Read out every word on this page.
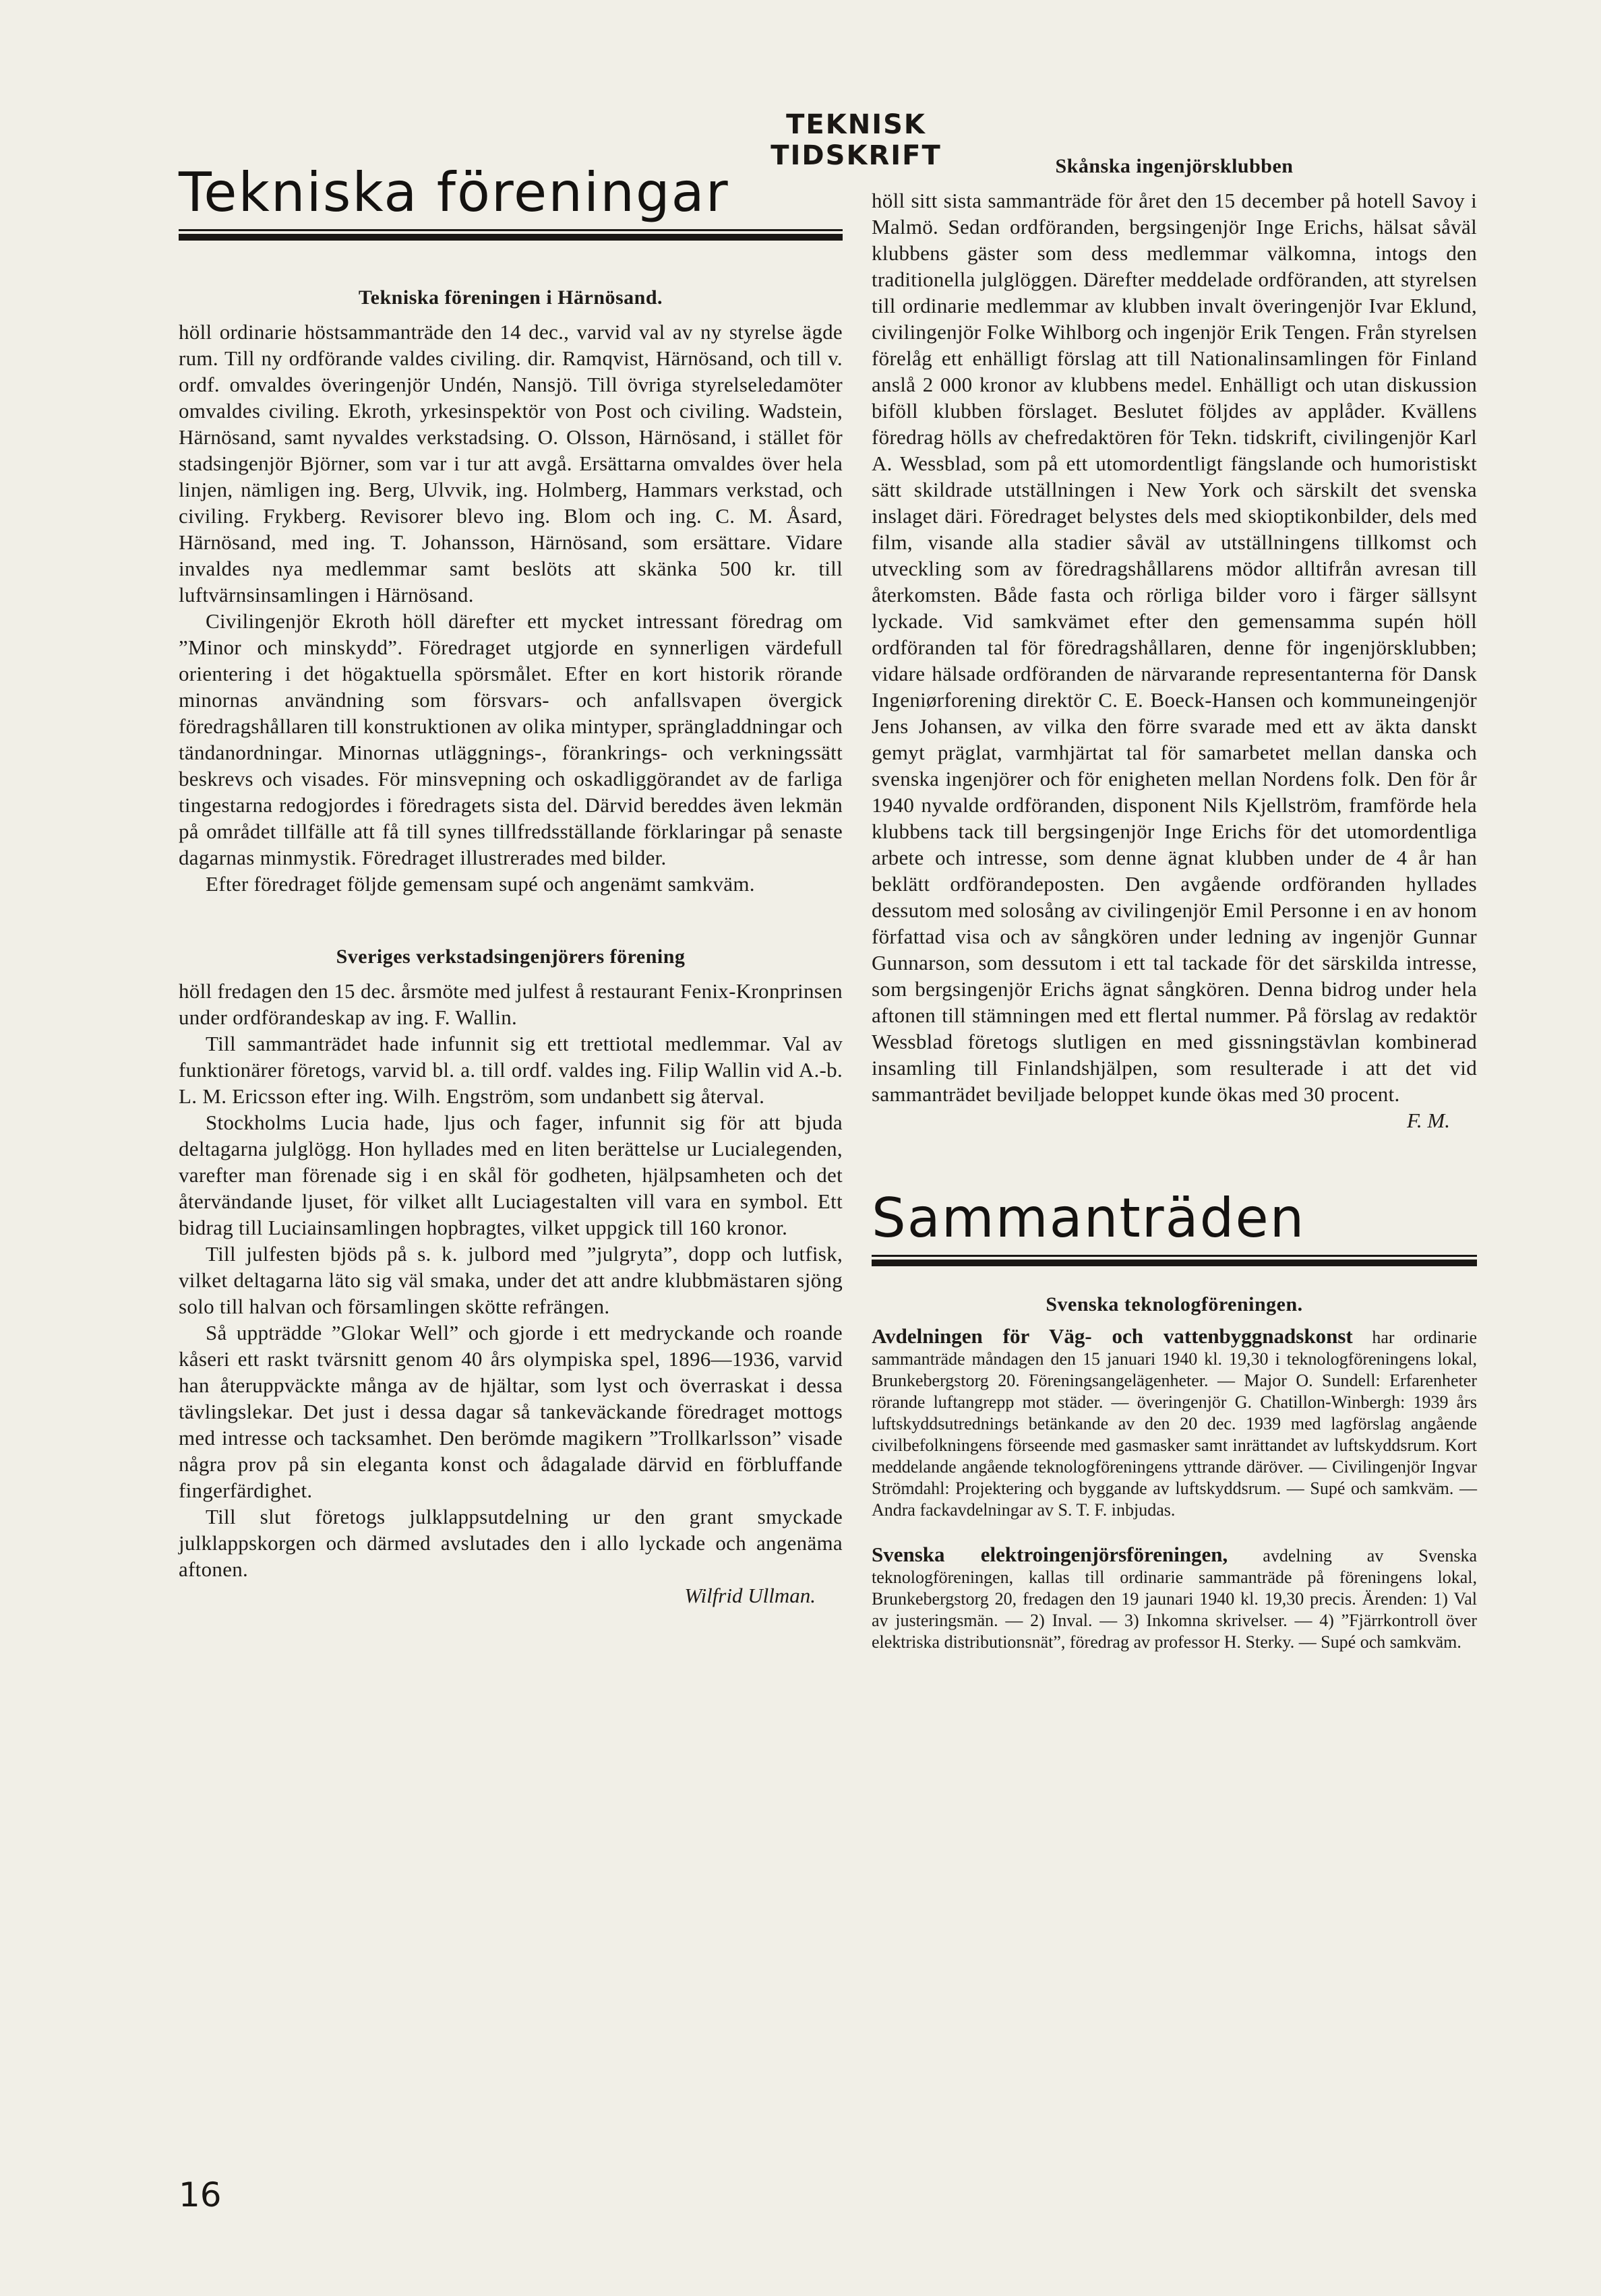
TEKNISK TIDSKRIFT
Tekniska föreningar
Tekniska föreningen i Härnösand.

höll ordinarie höstsammanträde den 14 dec., varvid val av ny styrelse ägde rum. Till ny ordförande valdes civiling. dir. Ramqvist, Härnösand, och till v. ordf. omvaldes överingenjör Undén, Nansjö. Till övriga styrelseledamöter omvaldes civiling. Ekroth, yrkesinspektör von Post och civiling. Wadstein, Härnösand, samt nyvaldes verkstadsing. O. Olsson, Härnösand, i stället för stadsingenjör Björner, som var i tur att avgå. Ersättarna omvaldes över hela linjen, nämligen ing. Berg, Ulvvik, ing. Holmberg, Hammars verkstad, och civiling. Frykberg. Revisorer blevo ing. Blom och ing. C. M. Åsard, Härnösand, med ing. T. Johansson, Härnösand, som ersättare. Vidare invaldes nya medlemmar samt beslöts att skänka 500 kr. till luftvärnsinsamlingen i Härnösand.

Civilingenjör Ekroth höll därefter ett mycket intressant föredrag om ”Minor och minskydd”. Föredraget utgjorde en synnerligen värdefull orientering i det högaktuella spörsmålet. Efter en kort historik rörande minornas användning som försvars- och anfallsvapen övergick föredragshållaren till konstruktionen av olika mintyper, sprängladdningar och tändanordningar. Minornas utläggnings-, förankrings- och verkningssätt beskrevs och visades. För minsvepning och oskadliggörandet av de farliga tingestarna redogjordes i föredragets sista del. Därvid bereddes även lekmän på området tillfälle att få till synes tillfredsställande förklaringar på senaste dagarnas minmystik. Föredraget illustrerades med bilder.

Efter föredraget följde gemensam supé och angenämt samkväm.

Sveriges verkstadsingenjörers förening

höll fredagen den 15 dec. årsmöte med julfest å restaurant Fenix-Kronprinsen under ordförandeskap av ing. F. Wallin.

Till sammanträdet hade infunnit sig ett trettiotal medlemmar. Val av funktionärer företogs, varvid bl. a. till ordf. valdes ing. Filip Wallin vid A.-b. L. M. Ericsson efter ing. Wilh. Engström, som undanbett sig återval.

Stockholms Lucia hade, ljus och fager, infunnit sig för att bjuda deltagarna julglögg. Hon hyllades med en liten berättelse ur Lucialegenden, varefter man förenade sig i en skål för godheten, hjälpsamheten och det återvändande ljuset, för vilket allt Luciagestalten vill vara en symbol. Ett bidrag till Luciainsamlingen hopbragtes, vilket uppgick till 160 kronor.

Till julfesten bjöds på s. k. julbord med ”julgryta”, dopp och lutfisk, vilket deltagarna läto sig väl smaka, under det att andre klubbmästaren sjöng solo till halvan och församlingen skötte refrängen.

Så uppträdde ”Glokar Well” och gjorde i ett medryckande och roande kåseri ett raskt tvärsnitt genom 40 års olympiska spel, 1896—1936, varvid han återuppväckte många av de hjältar, som lyst och överraskat i dessa tävlingslekar. Det just i dessa dagar så tankeväckande föredraget mottogs med intresse och tacksamhet. Den berömde magikern ”Trollkarlsson” visade några prov på sin eleganta konst och ådagalade därvid en förbluffande fingerfärdighet.

Till slut företogs julklappsutdelning ur den grant smyckade julklappskorgen och därmed avslutades den i allo lyckade och angenäma aftonen.

Wilfrid Ullman.

Skånska ingenjörsklubben

höll sitt sista sammanträde för året den 15 december på hotell Savoy i Malmö. Sedan ordföranden, bergsingenjör Inge Erichs, hälsat såväl klubbens gäster som dess medlemmar välkomna, intogs den traditionella julglöggen. Därefter meddelade ordföranden, att styrelsen till ordinarie medlemmar av klubben invalt överingenjör Ivar Eklund, civilingenjör Folke Wihlborg och ingenjör Erik Tengen. Från styrelsen förelåg ett enhälligt förslag att till Nationalinsamlingen för Finland anslå 2 000 kronor av klubbens medel. Enhälligt och utan diskussion biföll klubben förslaget. Beslutet följdes av applåder. Kvällens föredrag hölls av chefredaktören för Tekn. tidskrift, civilingenjör Karl A. Wessblad, som på ett utomordentligt fängslande och humoristiskt sätt skildrade utställningen i New York och särskilt det svenska inslaget däri. Föredraget belystes dels med skioptikonbilder, dels med film, visande alla stadier såväl av utställningens tillkomst och utveckling som av föredragshållarens mödor alltifrån avresan till återkomsten. Både fasta och rörliga bilder voro i färger sällsynt lyckade. Vid samkvämet efter den gemensamma supén höll ordföranden tal för föredragshållaren, denne för ingenjörsklubben; vidare hälsade ordföranden de närvarande representanterna för Dansk Ingeniørforening direktör C. E. Boeck-Hansen och kommuneingenjör Jens Johansen, av vilka den förre svarade med ett av äkta danskt gemyt präglat, varmhjärtat tal för samarbetet mellan danska och svenska ingenjörer och för enigheten mellan Nordens folk. Den för år 1940 nyvalde ordföranden, disponent Nils Kjellström, framförde hela klubbens tack till bergsingenjör Inge Erichs för det utomordentliga arbete och intresse, som denne ägnat klubben under de 4 år han beklätt ordförandeposten. Den avgående ordföranden hyllades dessutom med solosång av civilingenjör Emil Personne i en av honom författad visa och av sångkören under ledning av ingenjör Gunnar Gunnarson, som dessutom i ett tal tackade för det särskilda intresse, som bergsingenjör Erichs ägnat sångkören. Denna bidrog under hela aftonen till stämningen med ett flertal nummer. På förslag av redaktör Wessblad företogs slutligen en med gissningstävlan kombinerad insamling till Finlandshjälpen, som resulterade i att det vid sammanträdet beviljade beloppet kunde ökas med 30 procent.

F. M.

Sammanträden
Svenska teknologföreningen.

Avdelningen för Väg- och vattenbyggnadskonst har ordinarie sammanträde måndagen den 15 januari 1940 kl. 19,30 i teknologföreningens lokal, Brunkebergstorg 20. Föreningsangelägenheter. — Major O. Sundell: Erfarenheter rörande luftangrepp mot städer. — överingenjör G. Chatillon-Winbergh: 1939 års luftskyddsutrednings betänkande av den 20 dec. 1939 med lagförslag angående civilbefolkningens förseende med gasmasker samt inrättandet av luftskyddsrum. Kort meddelande angående teknologföreningens yttrande däröver. — Civilingenjör Ingvar Strömdahl: Projektering och byggande av luftskyddsrum. — Supé och samkväm. — Andra fackavdelningar av S. T. F. inbjudas.

Svenska elektroingenjörsföreningen, avdelning av Svenska teknologföreningen, kallas till ordinarie sammanträde på föreningens lokal, Brunkebergstorg 20, fredagen den 19 jaunari 1940 kl. 19,30 precis. Ärenden: 1) Val av justeringsmän. — 2) Inval. — 3) Inkomna skrivelser. — 4) ”Fjärrkontroll över elektriska distributionsnät”, föredrag av professor H. Sterky. — Supé och samkväm.

16
